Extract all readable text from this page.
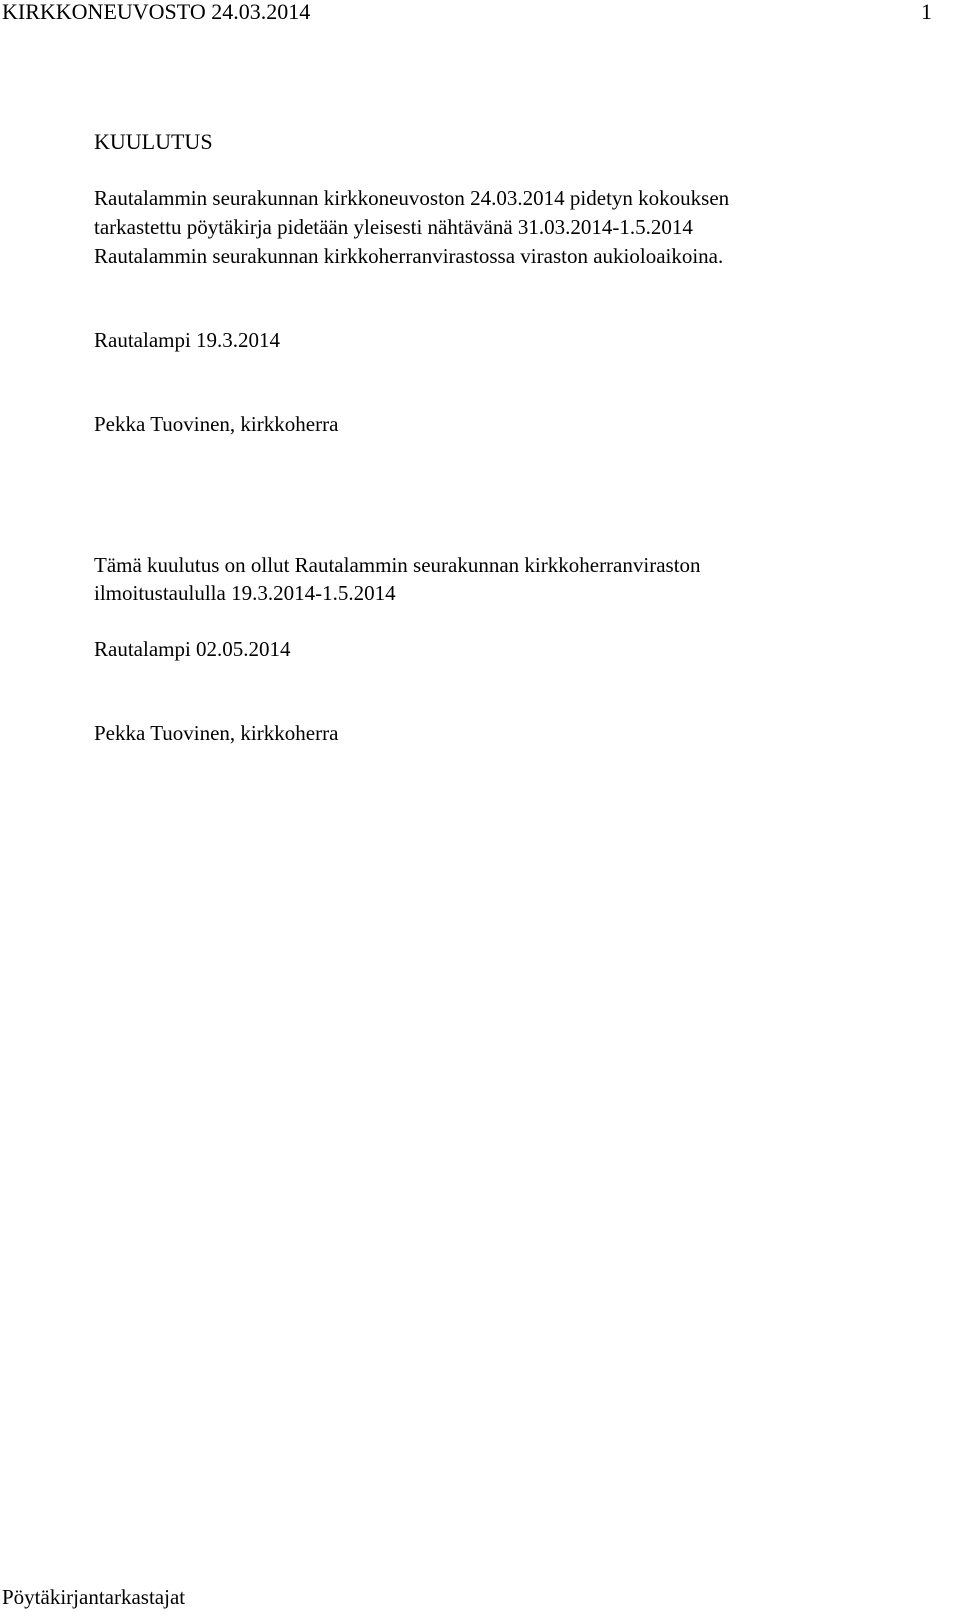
KIRKKONEUVOSTO 24.03.2014	1
KUULUTUS
Rautalammin seurakunnan kirkkoneuvoston 24.03.2014 pidetyn kokouksen
tarkastettu pöytäkirja pidetään yleisesti nähtävänä 31.03.2014-1.5.2014
Rautalammin seurakunnan kirkkoherranvirastossa viraston aukioloaikoina.
Rautalampi 19.3.2014
Pekka Tuovinen, kirkkoherra
Tämä kuulutus on ollut Rautalammin seurakunnan kirkkoherranviraston
ilmoitustaululla 19.3.2014-1.5.2014
Rautalampi 02.05.2014
Pekka Tuovinen, kirkkoherra
Pöytäkirjantarkastajat
